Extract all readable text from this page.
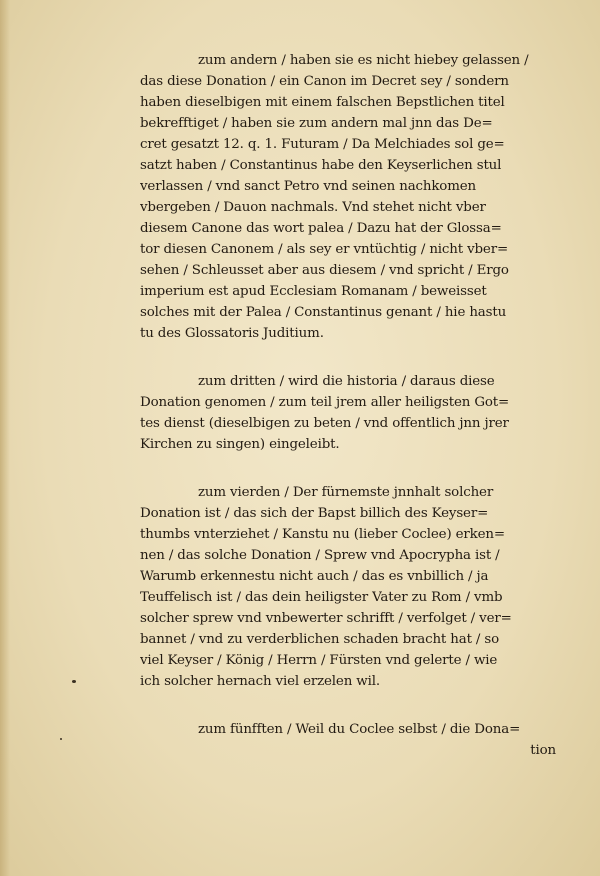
zum andern / haben sie es nicht hiebey gelassen /
das diese Donation / ein Canon im Decret sey / sondern
haben dieselbigen mit einem falschen Bepstlichen titel
bekrefftiget / haben sie zum andern mal jnn das De=
cret gesatzt 12. q. 1. Futuram / Da Melchiades sol ge=
satzt haben / Constantinus habe den Keyserlichen stul
verlassen / vnd sanct Petro vnd seinen nachkomen
vbergeben / Dauon nachmals. Vnd stehet nicht vber
diesem Canone das wort palea / Dazu hat der Glossa=
tor diesen Canonem / als sey er vntüchtig / nicht vber=
sehen / Schleusset aber aus diesem / vnd spricht / Ergo
imperium est apud Ecclesiam Romanam / beweisset
solches mit der Palea / Constantinus genant / hie hastu
tu des Glossatoris Juditium.
zum dritten / wird die historia / daraus diese
Donation genomen / zum teil jrem aller heiligsten Got=
tes dienst (dieselbigen zu beten / vnd offentlich jnn jrer
Kirchen zu singen) eingeleibt.
zum vierden / Der fürnemste jnnhalt solcher
Donation ist / das sich der Bapst billich des Keyser=
thumbs vnterziehet / Kanstu nu (lieber Coclee) erken=
nen / das solche Donation / Sprew vnd Apocrypha ist /
Warumb erkennestu nicht auch / das es vnbillich / ja
Teuffelisch ist / das dein heiligster Vater zu Rom / vmb
solcher sprew vnd vnbewerter schrifft / verfolget / ver=
bannet / vnd zu verderblichen schaden bracht hat / so
viel Keyser / König / Herrn / Fürsten vnd gelerte / wie
ich solcher hernach viel erzelen wil.
zum fünfften / Weil du Coclee selbst / die Dona=
tion
